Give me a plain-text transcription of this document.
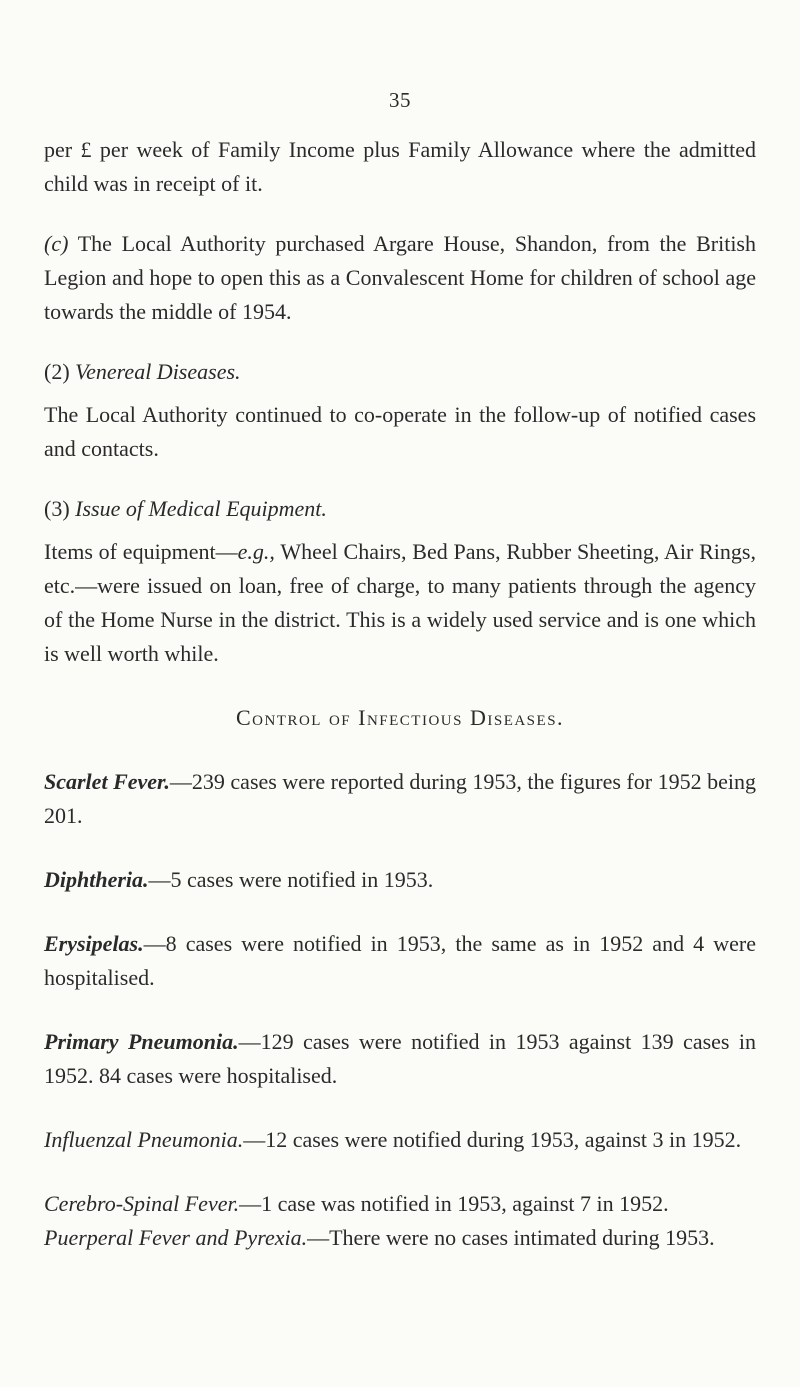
35

per £ per week of Family Income plus Family Allowance where the admitted child was in receipt of it.

(c) The Local Authority purchased Argare House, Shandon, from the British Legion and hope to open this as a Convalescent Home for children of school age towards the middle of 1954.

(2) Venereal Diseases.

The Local Authority continued to co-operate in the follow-up of notified cases and contacts.

(3) Issue of Medical Equipment.

Items of equipment—e.g., Wheel Chairs, Bed Pans, Rubber Sheeting, Air Rings, etc.—were issued on loan, free of charge, to many patients through the agency of the Home Nurse in the district. This is a widely used service and is one which is well worth while.

Control of Infectious Diseases.

Scarlet Fever.—239 cases were reported during 1953, the figures for 1952 being 201.

Diphtheria.—5 cases were notified in 1953.

Erysipelas.—8 cases were notified in 1953, the same as in 1952 and 4 were hospitalised.

Primary Pneumonia.—129 cases were notified in 1953 against 139 cases in 1952. 84 cases were hospitalised.

Influenzal Pneumonia.—12 cases were notified during 1953, against 3 in 1952.

Cerebro-Spinal Fever.—1 case was notified in 1953, against 7 in 1952.

Puerperal Fever and Pyrexia.—There were no cases intimated during 1953.
